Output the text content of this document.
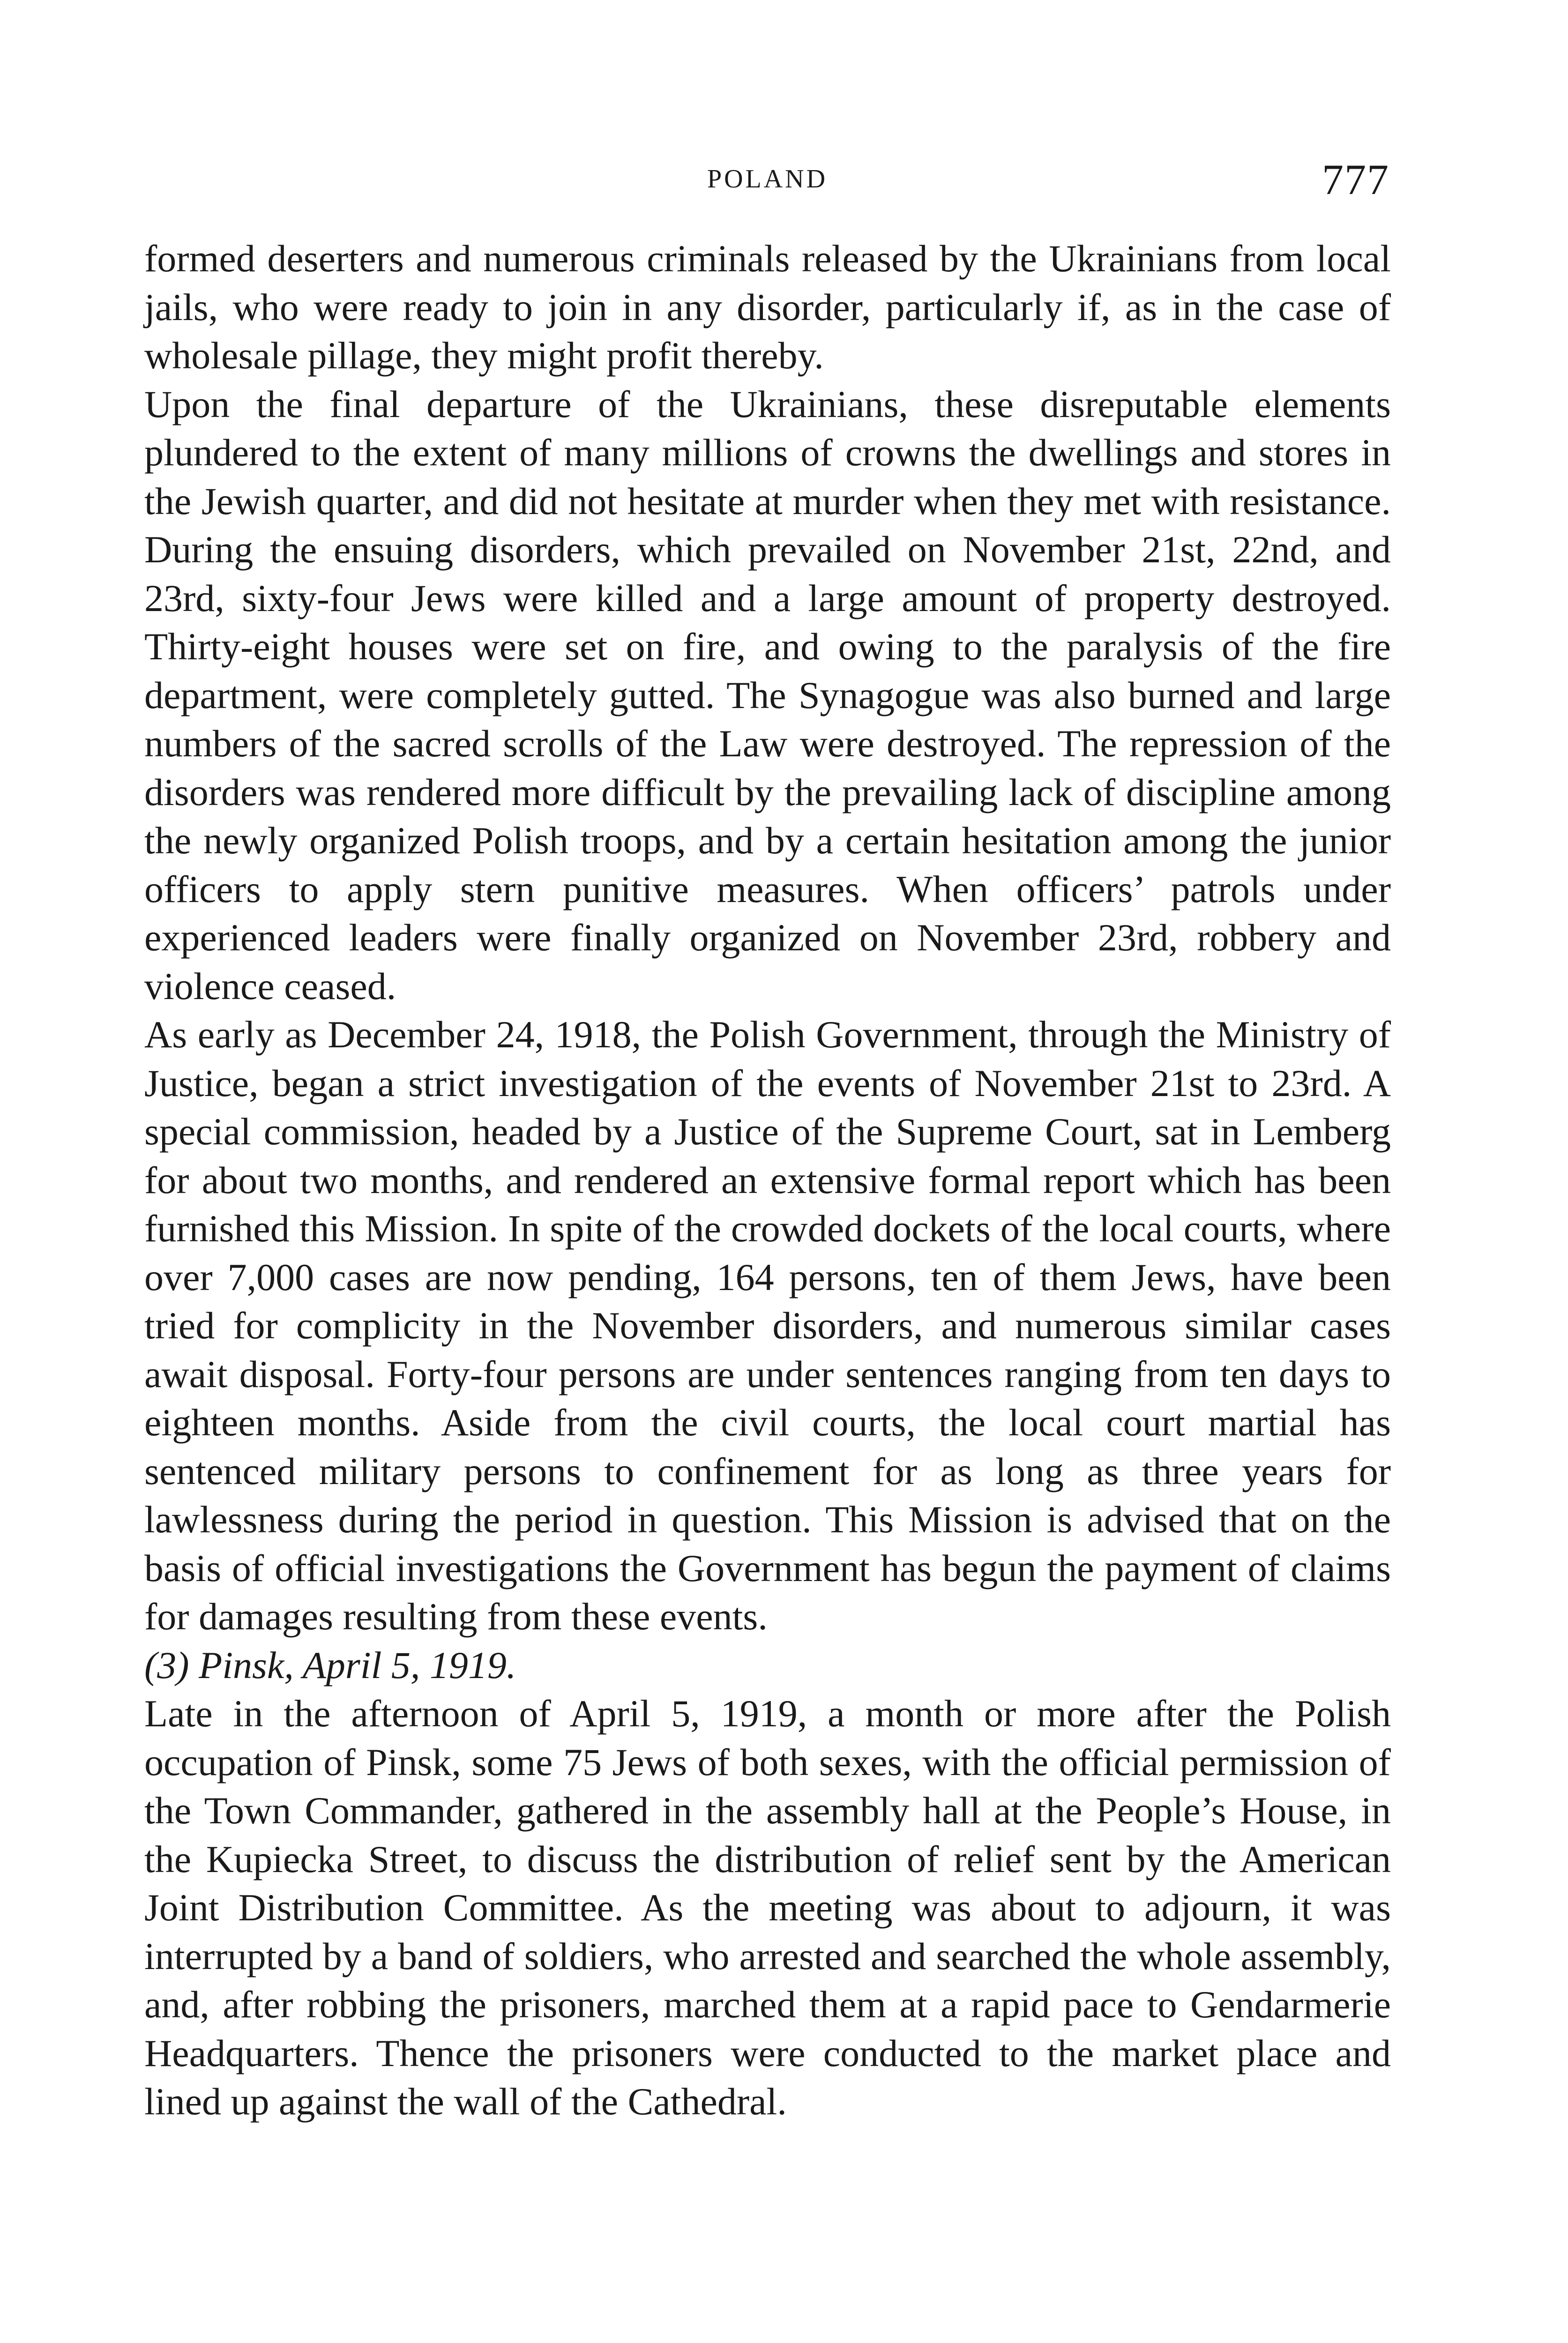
POLAND	777

formed deserters and numerous criminals released by the Ukrainians from local jails, who were ready to join in any disorder, particularly if, as in the case of wholesale pillage, they might profit thereby.

Upon the final departure of the Ukrainians, these disreputable elements plundered to the extent of many millions of crowns the dwellings and stores in the Jewish quarter, and did not hesitate at murder when they met with resistance. During the ensuing disorders, which prevailed on November 21st, 22nd, and 23rd, sixty-four Jews were killed and a large amount of property destroyed. Thirty-eight houses were set on fire, and owing to the paralysis of the fire department, were completely gutted. The Synagogue was also burned and large numbers of the sacred scrolls of the Law were destroyed. The repression of the disorders was rendered more difficult by the prevailing lack of discipline among the newly organized Polish troops, and by a certain hesitation among the junior officers to apply stern punitive measures. When officers’ patrols under experienced leaders were finally organized on November 23rd, robbery and violence ceased.

As early as December 24, 1918, the Polish Government, through the Ministry of Justice, began a strict investigation of the events of November 21st to 23rd. A special commission, headed by a Justice of the Supreme Court, sat in Lemberg for about two months, and rendered an extensive formal report which has been furnished this Mission. In spite of the crowded dockets of the local courts, where over 7,000 cases are now pending, 164 persons, ten of them Jews, have been tried for complicity in the November disorders, and numerous similar cases await disposal. Forty-four persons are under sentences ranging from ten days to eighteen months. Aside from the civil courts, the local court martial has sentenced military persons to confinement for as long as three years for lawlessness during the period in question. This Mission is advised that on the basis of official investigations the Government has begun the payment of claims for damages resulting from these events.

(3) Pinsk, April 5, 1919.

Late in the afternoon of April 5, 1919, a month or more after the Polish occupation of Pinsk, some 75 Jews of both sexes, with the official permission of the Town Commander, gathered in the assembly hall at the People’s House, in the Kupiecka Street, to discuss the distribution of relief sent by the American Joint Distribution Committee. As the meeting was about to adjourn, it was interrupted by a band of soldiers, who arrested and searched the whole assembly, and, after robbing the prisoners, marched them at a rapid pace to Gendarmerie Headquarters. Thence the prisoners were conducted to the market place and lined up against the wall of the Cathedral.
